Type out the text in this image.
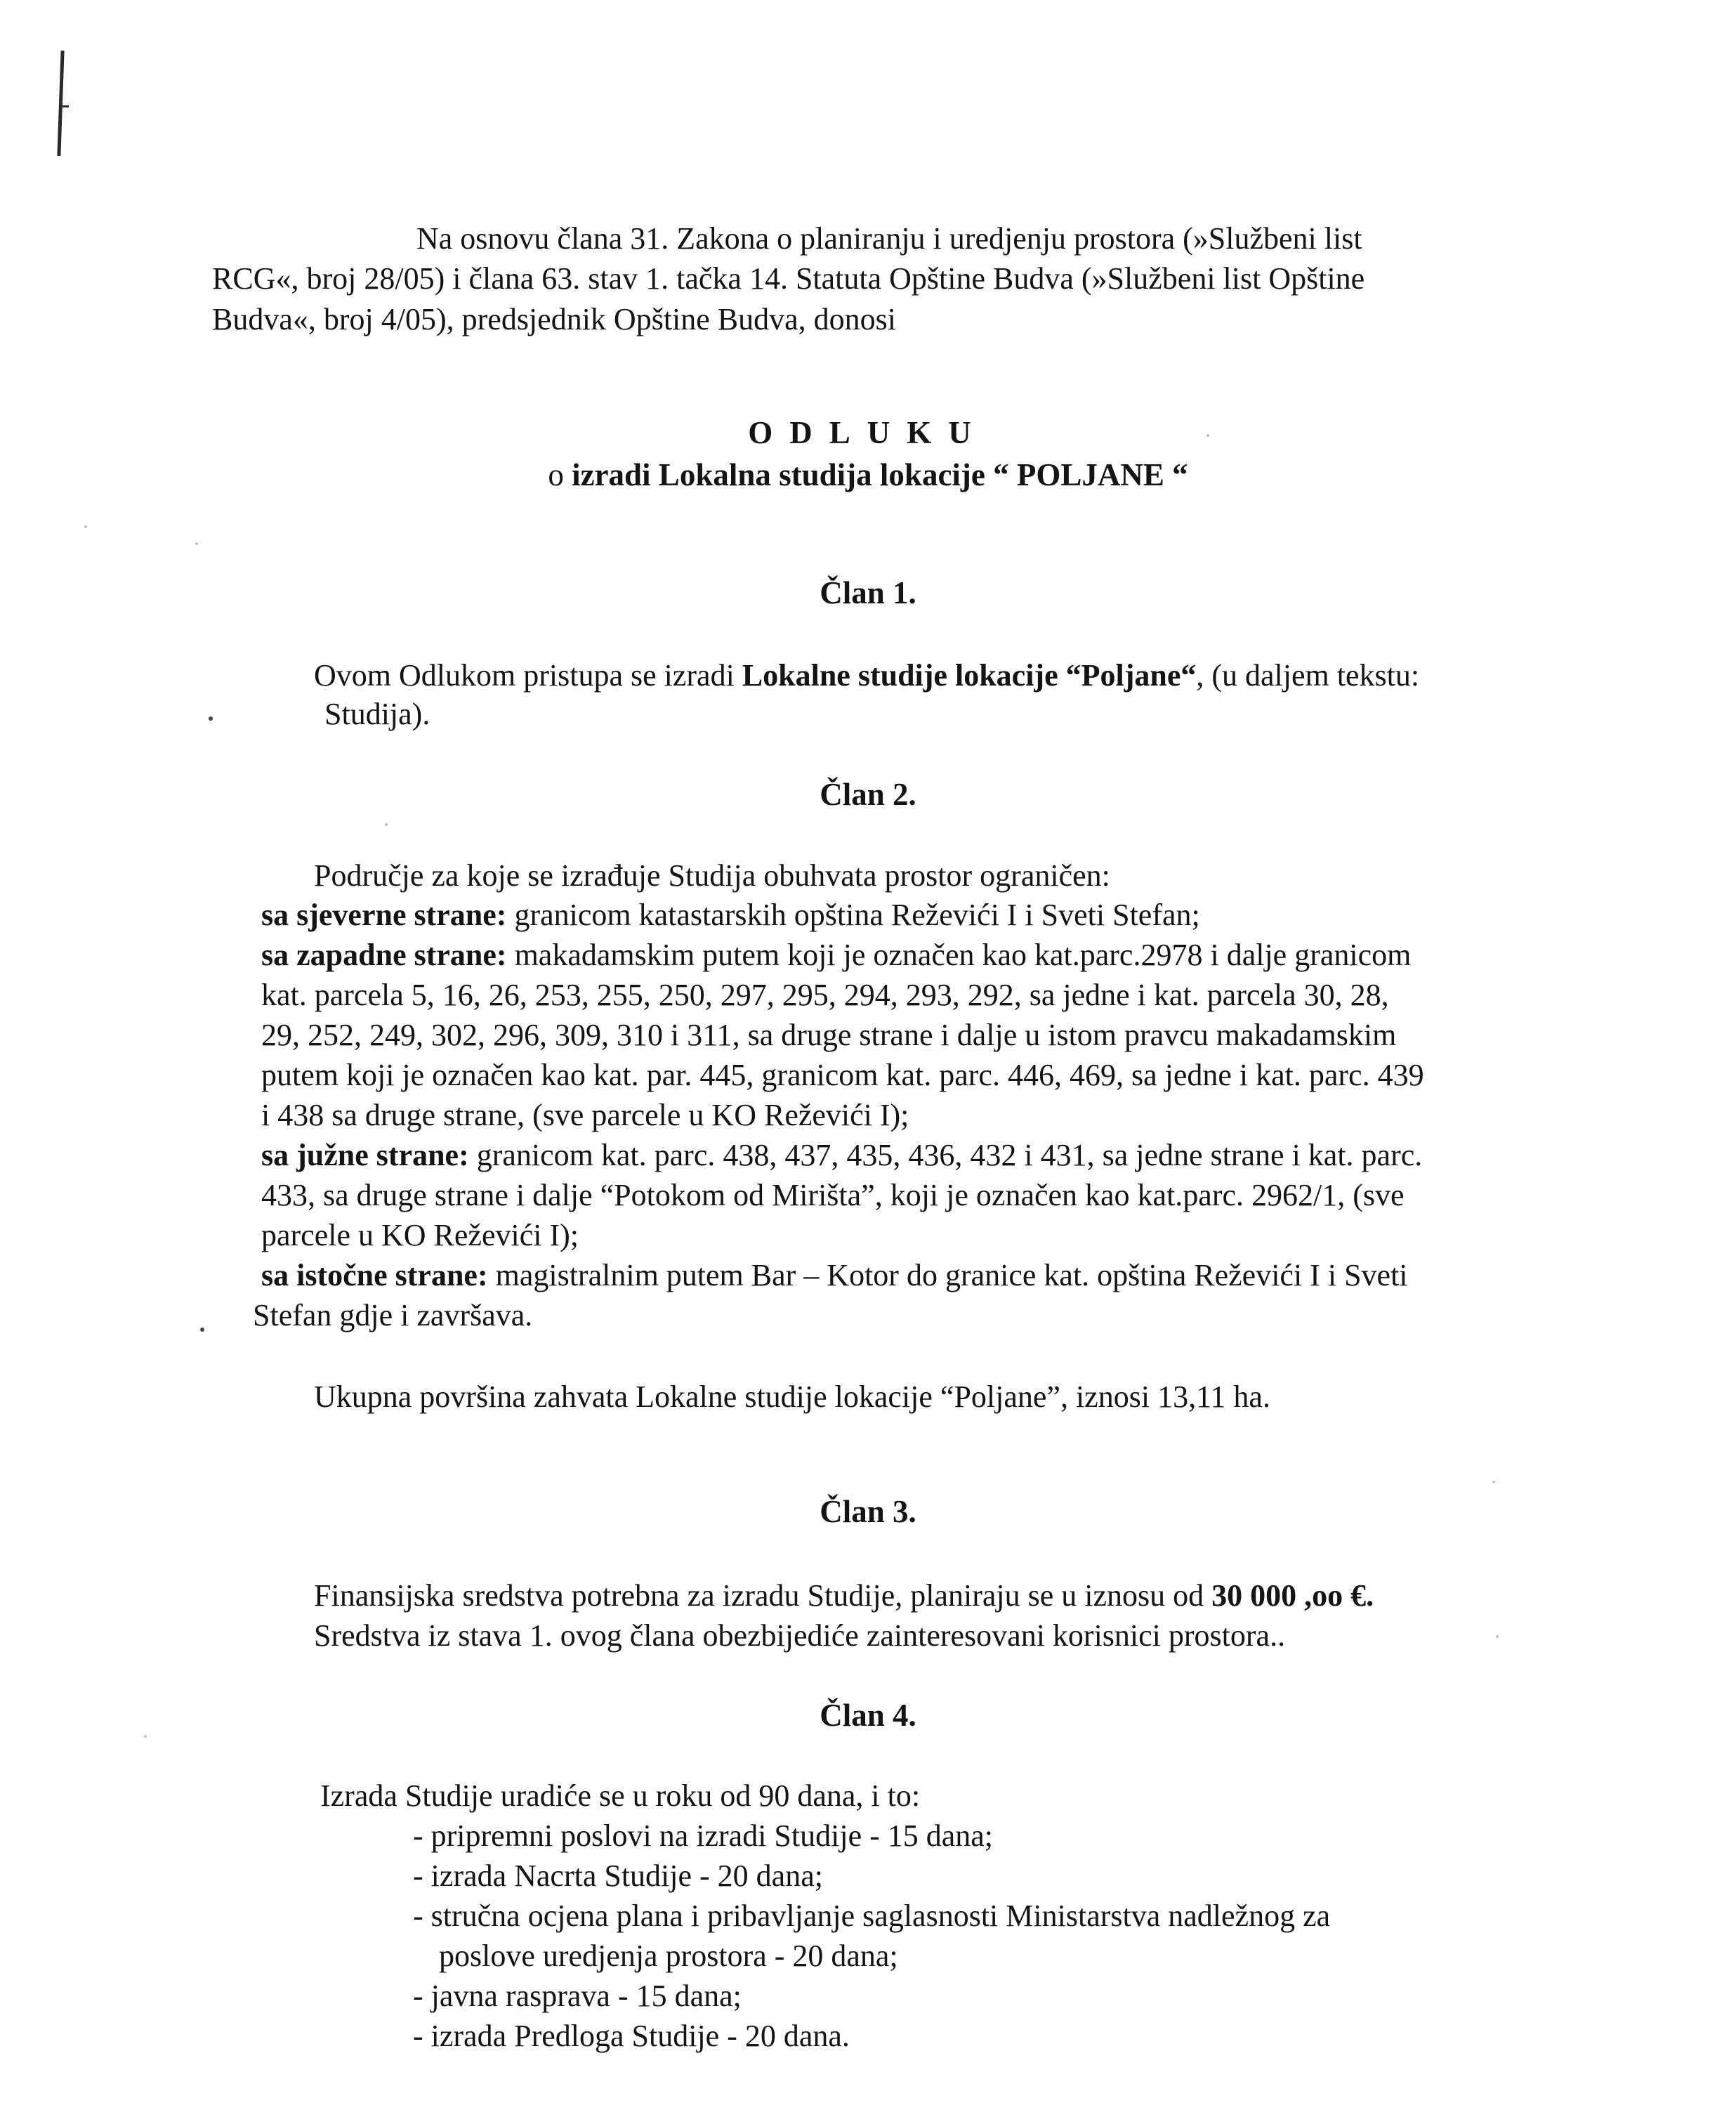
Na osnovu člana 31. Zakona o planiranju i uredjenju prostora (»Službeni list
RCG«, broj 28/05) i člana 63. stav 1. tačka 14. Statuta Opštine Budva (»Službeni list Opštine
Budva«, broj 4/05), predsjednik Opštine Budva, donosi
ODLUKU
o izradi Lokalna studija lokacije “ POLJANE “
Član 1.
Ovom Odlukom pristupa se izradi Lokalne studije lokacije “Poljane“, (u daljem tekstu:
Studija).
Član 2.
Područje za koje se izrađuje Studija obuhvata prostor ograničen:
sa sjeverne strane: granicom katastarskih opština Reževići I i Sveti Stefan;
sa zapadne strane: makadamskim putem koji je označen kao kat.parc.2978 i dalje granicom
kat. parcela 5, 16, 26, 253, 255, 250, 297, 295, 294, 293, 292, sa jedne i kat. parcela 30, 28,
29, 252, 249, 302, 296, 309, 310 i 311, sa druge strane i dalje u istom pravcu makadamskim
putem koji je označen kao kat. par. 445, granicom kat. parc. 446, 469, sa jedne i kat. parc. 439
i 438 sa druge strane, (sve parcele u KO Reževići I);
sa južne strane: granicom kat. parc. 438, 437, 435, 436, 432 i 431, sa jedne strane i kat. parc.
433, sa druge strane i dalje “Potokom od Mirišta”, koji je označen kao kat.parc. 2962/1, (sve
parcele u KO Reževići I);
sa istočne strane: magistralnim putem Bar – Kotor do granice kat. opština Reževići I i Sveti
Stefan gdje i završava.
Ukupna površina zahvata Lokalne studije lokacije “Poljane”, iznosi 13,11 ha.
Član 3.
Finansijska sredstva potrebna za izradu Studije, planiraju se u iznosu od 30 000 ,oo €.
Sredstva iz stava 1. ovog člana obezbijediće zainteresovani korisnici prostora..
Član 4.
Izrada Studije uradiće se u roku od 90 dana, i to:
- pripremni poslovi na izradi Studije - 15 dana;
- izrada Nacrta Studije - 20 dana;
- stručna ocjena plana i pribavljanje saglasnosti Ministarstva nadležnog za
poslove uredjenja prostora - 20 dana;
- javna rasprava - 15 dana;
- izrada Predloga Studije - 20 dana.
